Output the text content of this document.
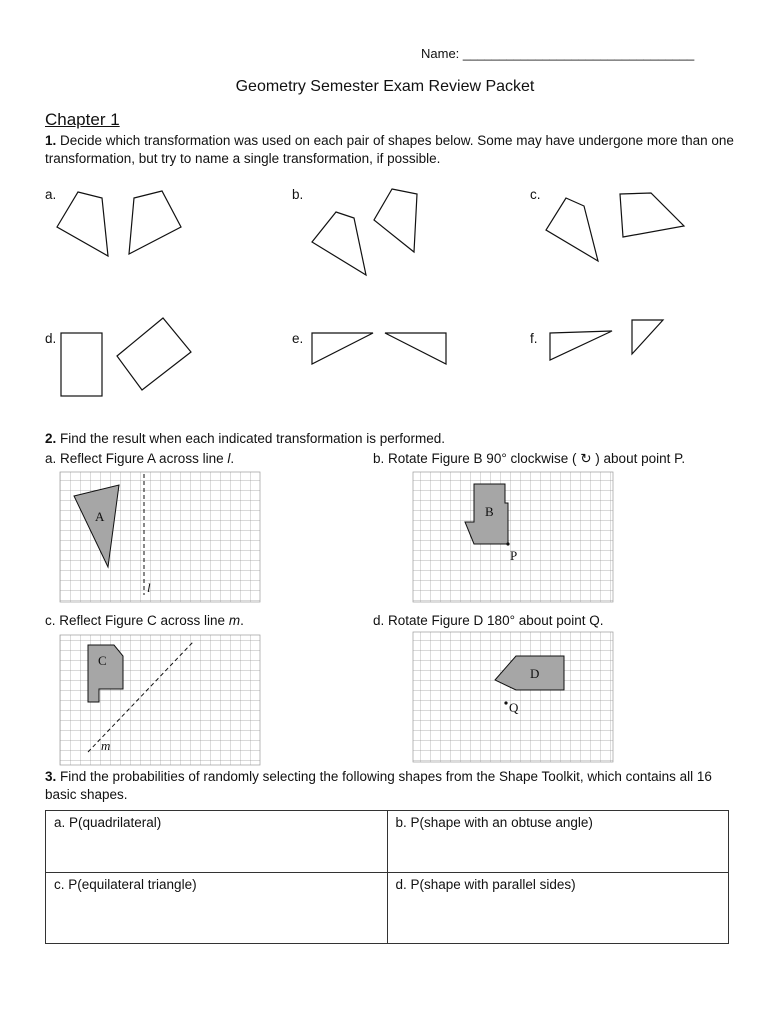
Name: ________________________________
Geometry Semester Exam Review Packet
Chapter 1
1. Decide which transformation was used on each pair of shapes below. Some may have undergone more than one transformation, but try to name a single transformation, if possible.
a.	b.	c.
d.	e.	f.
2. Find the result when each indicated transformation is performed.
a. Reflect Figure A across line l.	b. Rotate Figure B 90° clockwise ( ↻ ) about point P.
c. Reflect Figure C across line m.	d. Rotate Figure D 180° about point Q.
A
l
B
P
C
m
D
Q
3. Find the probabilities of randomly selecting the following shapes from the Shape Toolkit, which contains all 16 basic shapes.
a. P(quadrilateral)	b. P(shape with an obtuse angle)
c. P(equilateral triangle)	d. P(shape with parallel sides)
